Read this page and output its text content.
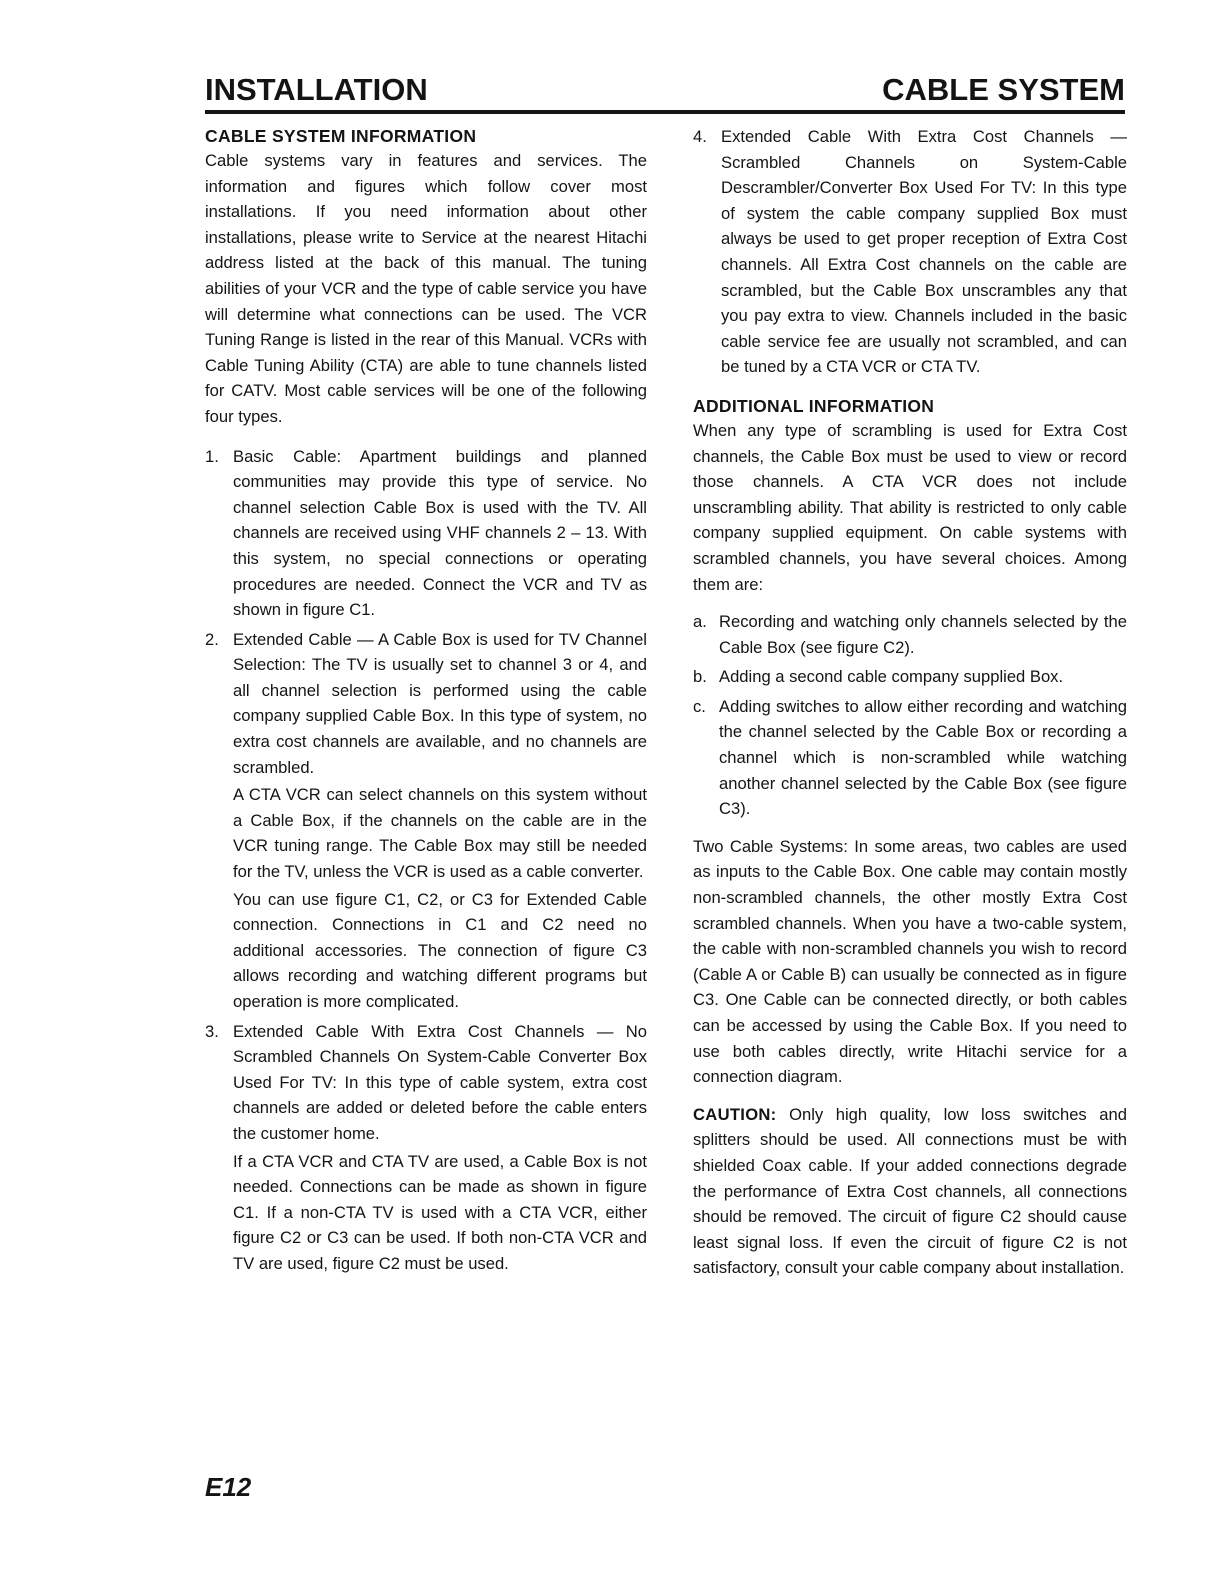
INSTALLATION	CABLE SYSTEM
CABLE SYSTEM INFORMATION

Cable systems vary in features and services. The information and figures which follow cover most installations. If you need information about other installations, please write to Service at the nearest Hitachi address listed at the back of this manual. The tuning abilities of your VCR and the type of cable service you have will determine what connections can be used. The VCR Tuning Range is listed in the rear of this Manual. VCRs with Cable Tuning Ability (CTA) are able to tune channels listed for CATV. Most cable services will be one of the following four types.

1. Basic Cable: Apartment buildings and planned communities may provide this type of service. No channel selection Cable Box is used with the TV. All channels are received using VHF channels 2 – 13. With this system, no special connections or operating procedures are needed. Connect the VCR and TV as shown in figure C1.

2. Extended Cable — A Cable Box is used for TV Channel Selection: The TV is usually set to channel 3 or 4, and all channel selection is performed using the cable company supplied Cable Box. In this type of system, no extra cost channels are available, and no channels are scrambled.

A CTA VCR can select channels on this system without a Cable Box, if the channels on the cable are in the VCR tuning range. The Cable Box may still be needed for the TV, unless the VCR is used as a cable converter.

You can use figure C1, C2, or C3 for Extended Cable connection. Connections in C1 and C2 need no additional accessories. The connection of figure C3 allows recording and watching different programs but operation is more complicated.

3. Extended Cable With Extra Cost Channels — No Scrambled Channels On System-Cable Converter Box Used For TV: In this type of cable system, extra cost channels are added or deleted before the cable enters the customer home.

If a CTA VCR and CTA TV are used, a Cable Box is not needed. Connections can be made as shown in figure C1. If a non-CTA TV is used with a CTA VCR, either figure C2 or C3 can be used. If both non-CTA VCR and TV are used, figure C2 must be used.

4. Extended Cable With Extra Cost Channels — Scrambled Channels on System-Cable Descrambler/Converter Box Used For TV: In this type of system the cable company supplied Box must always be used to get proper reception of Extra Cost channels. All Extra Cost channels on the cable are scrambled, but the Cable Box unscrambles any that you pay extra to view. Channels included in the basic cable service fee are usually not scrambled, and can be tuned by a CTA VCR or CTA TV.

ADDITIONAL INFORMATION

When any type of scrambling is used for Extra Cost channels, the Cable Box must be used to view or record those channels. A CTA VCR does not include unscrambling ability. That ability is restricted to only cable company supplied equipment. On cable systems with scrambled channels, you have several choices. Among them are:

a. Recording and watching only channels selected by the Cable Box (see figure C2).
b. Adding a second cable company supplied Box.
c. Adding switches to allow either recording and watching the channel selected by the Cable Box or recording a channel which is non-scrambled while watching another channel selected by the Cable Box (see figure C3).

Two Cable Systems: In some areas, two cables are used as inputs to the Cable Box. One cable may contain mostly non-scrambled channels, the other mostly Extra Cost scrambled channels. When you have a two-cable system, the cable with non-scrambled channels you wish to record (Cable A or Cable B) can usually be connected as in figure C3. One Cable can be connected directly, or both cables can be accessed by using the Cable Box. If you need to use both cables directly, write Hitachi service for a connection diagram.

CAUTION: Only high quality, low loss switches and splitters should be used. All connections must be with shielded Coax cable. If your added connections degrade the performance of Extra Cost channels, all connections should be removed. The circuit of figure C2 should cause least signal loss. If even the circuit of figure C2 is not satisfactory, consult your cable company about installation.

E12
